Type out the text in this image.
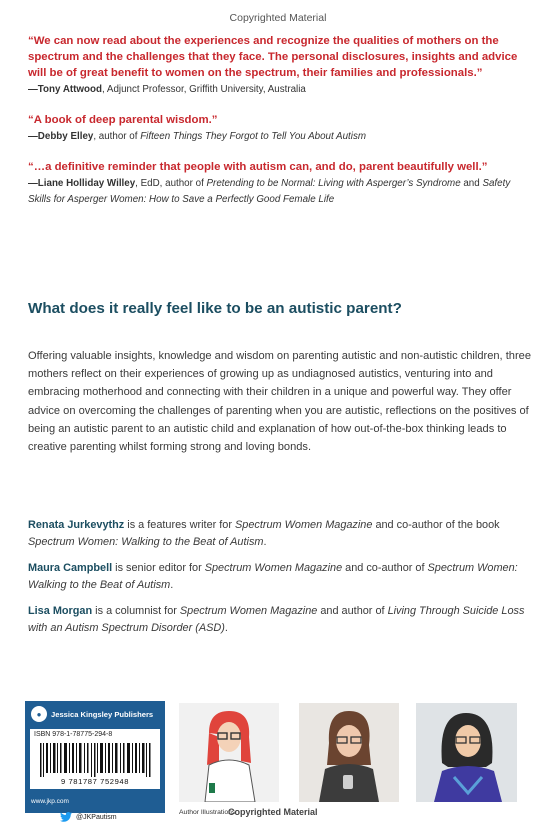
Copyrighted Material
“We can now read about the experiences and recognize the qualities of mothers on the spectrum and the challenges that they face. The personal disclosures, insights and advice will be of great benefit to women on the spectrum, their families and professionals.”
—Tony Attwood, Adjunct Professor, Griffith University, Australia
“A book of deep parental wisdom.”
—Debby Elley, author of Fifteen Things They Forgot to Tell You About Autism
“…a definitive reminder that people with autism can, and do, parent beautifully well.”
—Liane Holliday Willey, EdD, author of Pretending to be Normal: Living with Asperger’s Syndrome and Safety Skills for Asperger Women: How to Save a Perfectly Good Female Life
What does it really feel like to be an autistic parent?
Offering valuable insights, knowledge and wisdom on parenting autistic and non-autistic children, three mothers reflect on their experiences of growing up as undiagnosed autistics, venturing into and embracing motherhood and connecting with their children in a unique and powerful way. They offer advice on overcoming the challenges of parenting when you are autistic, reflections on the positives of being an autistic parent to an autistic child and explanation of how out-of-the-box thinking leads to creative parenting whilst forming strong and loving bonds.
Renata Jurkevythz is a features writer for Spectrum Women Magazine and co-author of the book Spectrum Women: Walking to the Beat of Autism.
Maura Campbell is senior editor for Spectrum Women Magazine and co-author of Spectrum Women: Walking to the Beat of Autism.
Lisa Morgan is a columnist for Spectrum Women Magazine and author of Living Through Suicide Loss with an Autism Spectrum Disorder (ASD).
●	Jessica Kingsley Publishers
ISBN 978-1-78775-294-8
9 781787 752948
www.jkp.com
@JKPautism
Author Illustrations
Copyrighted Material
